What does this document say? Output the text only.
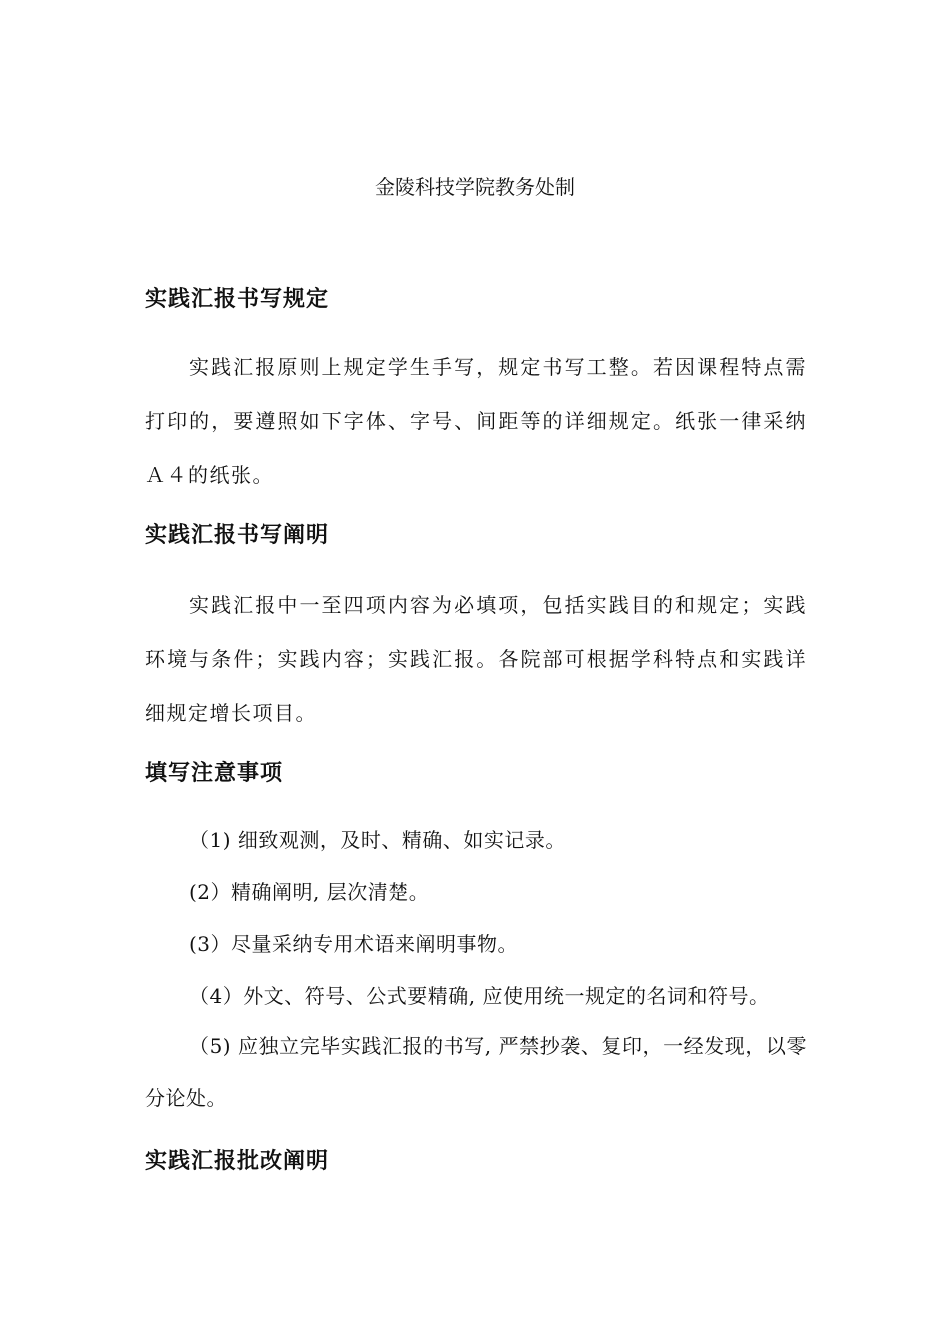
金陵科技学院教务处制
实践汇报书写规定

实践汇报原则上规定学生手写，规定书写工整。若因课程特点需打印的，要遵照如下字体、字号、间距等的详细规定。纸张一律采纳Ａ４的纸张。

实践汇报书写阐明

实践汇报中一至四项内容为必填项，包括实践目的和规定；实践环境与条件；实践内容；实践汇报。各院部可根据学科特点和实践详细规定增长项目。

填写注意事项

（1) 细致观测，及时、精确、如实记录。

(2）精确阐明, 层次清楚。

(3）尽量采纳专用术语来阐明事物。

（4）外文、符号、公式要精确, 应使用统一规定的名词和符号。

（5) 应独立完毕实践汇报的书写, 严禁抄袭、复印，一经发现，以零分论处。

实践汇报批改阐明
